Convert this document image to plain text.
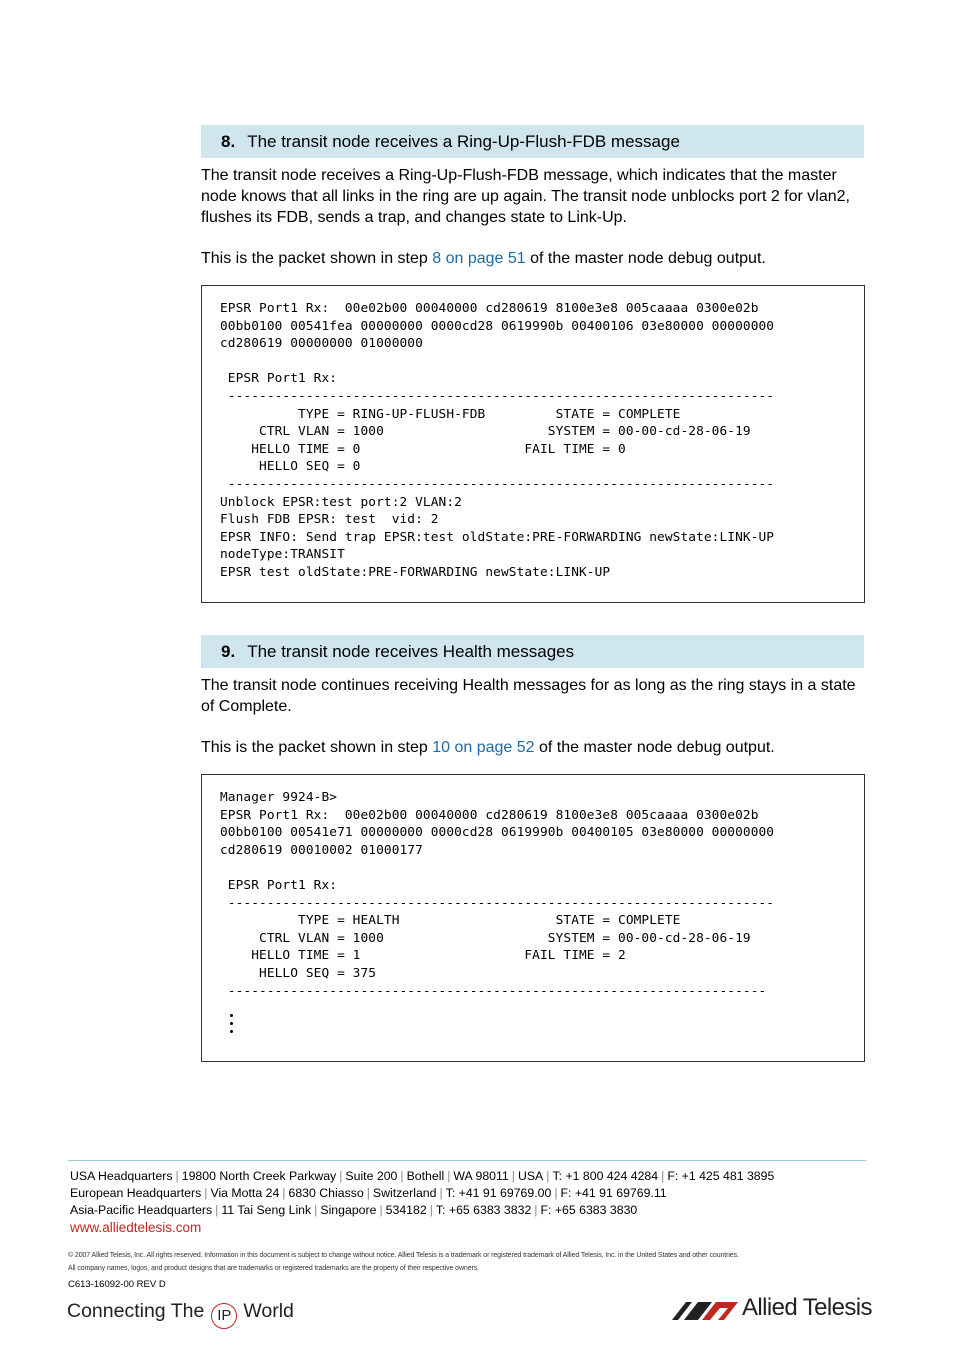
8. The transit node receives a Ring-Up-Flush-FDB message

The transit node receives a Ring-Up-Flush-FDB message, which indicates that the master node knows that all links in the ring are up again. The transit node unblocks port 2 for vlan2, flushes its FDB, sends a trap, and changes state to Link-Up.

This is the packet shown in step 8 on page 51 of the master node debug output.

EPSR Port1 Rx:  00e02b00 00040000 cd280619 8100e3e8 005caaaa 0300e02b
00bb0100 00541fea 00000000 0000cd28 0619990b 00400106 03e80000 00000000
cd280619 00000000 01000000

EPSR Port1 Rx:
----------------------------------------------------------------------
TYPE = RING-UP-FLUSH-FDB         STATE = COMPLETE
CTRL VLAN = 1000                     SYSTEM = 00-00-cd-28-06-19
HELLO TIME = 0                     FAIL TIME = 0
HELLO SEQ = 0
----------------------------------------------------------------------
Unblock EPSR:test port:2 VLAN:2
Flush FDB EPSR: test  vid: 2
EPSR INFO: Send trap EPSR:test oldState:PRE-FORWARDING newState:LINK-UP
nodeType:TRANSIT
EPSR test oldState:PRE-FORWARDING newState:LINK-UP
9. The transit node receives Health messages

The transit node continues receiving Health messages for as long as the ring stays in a state of Complete.

This is the packet shown in step 10 on page 52 of the master node debug output.

Manager 9924-B>
EPSR Port1 Rx:  00e02b00 00040000 cd280619 8100e3e8 005caaaa 0300e02b
00bb0100 00541e71 00000000 0000cd28 0619990b 00400105 03e80000 00000000
cd280619 00010002 01000177

EPSR Port1 Rx:
----------------------------------------------------------------------
TYPE = HEALTH                    STATE = COMPLETE
CTRL VLAN = 1000                     SYSTEM = 00-00-cd-28-06-19
HELLO TIME = 1                     FAIL TIME = 2
HELLO SEQ = 375
---------------------------------------------------------------------
USA Headquarters | 19800 North Creek Parkway | Suite 200 | Bothell | WA 98011 | USA | T: +1 800 424 4284 | F: +1 425 481 3895
European Headquarters | Via Motta 24 | 6830 Chiasso | Switzerland | T: +41 91 69769.00 | F: +41 91 69769.11
Asia-Pacific Headquarters | 11 Tai Seng Link | Singapore | 534182 | T: +65 6383 3832 | F: +65 6383 3830
www.alliedtelesis.com
© 2007 Allied Telesis, Inc. All rights reserved. Information in this document is subject to change without notice. Allied Telesis is a trademark or registered trademark of Allied Telesis, Inc. in the United States and other countries.
All company names, logos, and product designs that are trademarks or registered trademarks are the property of their respective owners.
C613-16092-00 REV D
Connecting The IP World	Allied Telesis
